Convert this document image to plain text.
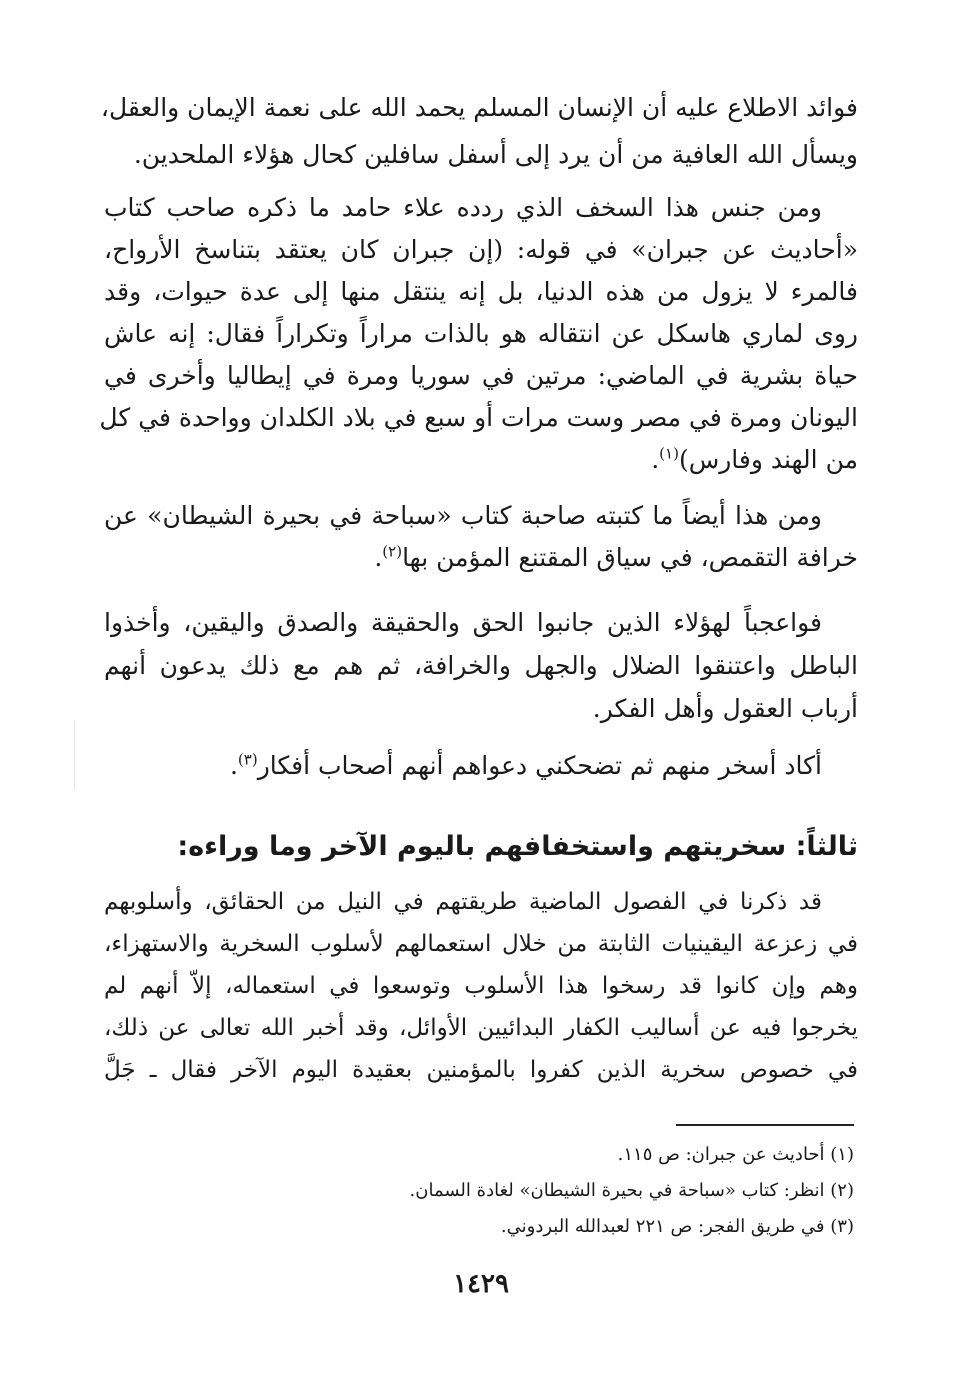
فوائد الاطلاع عليه أن الإنسان المسلم يحمد الله على نعمة الإيمان والعقل،
ويسأل الله العافية من أن يرد إلى أسفل سافلين كحال هؤلاء الملحدين.
ومن جنس هذا السخف الذي ردده علاء حامد ما ذكره صاحب كتاب
«أحاديث عن جبران» في قوله: (إن جبران كان يعتقد بتناسخ الأرواح،
فالمرء لا يزول من هذه الدنيا، بل إنه ينتقل منها إلى عدة حيوات، وقد
روى لماري هاسكل عن انتقاله هو بالذات مراراً وتكراراً فقال: إنه عاش
حياة بشرية في الماضي: مرتين في سوريا ومرة في إيطاليا وأخرى في
اليونان ومرة في مصر وست مرات أو سبع في بلاد الكلدان وواحدة في كل
من الهند وفارس)$^{(١)}$.
ومن هذا أيضاً ما كتبته صاحبة كتاب «سباحة في بحيرة الشيطان» عن
خرافة التقمص، في سياق المقتنع المؤمن بها$^{(٢)}$.
فواعجباً لهؤلاء الذين جانبوا الحق والحقيقة والصدق واليقين، وأخذوا
الباطل واعتنقوا الضلال والجهل والخرافة، ثم هم مع ذلك يدعون أنهم
أرباب العقول وأهل الفكر.
أكاد أسخر منهم ثم تضحكني دعواهم أنهم أصحاب أفكار$^{(٣)}$.
ثالثاً: سخريتهم واستخفافهم باليوم الآخر وما وراءه:
قد ذكرنا في الفصول الماضية طريقتهم في النيل من الحقائق، وأسلوبهم
في زعزعة اليقينيات الثابتة من خلال استعمالهم لأسلوب السخرية والاستهزاء،
وهم وإن كانوا قد رسخوا هذا الأسلوب وتوسعوا في استعماله، إلاّ أنهم لم
يخرجوا فيه عن أساليب الكفار البدائيين الأوائل، وقد أخبر الله تعالى عن ذلك،
في خصوص سخرية الذين كفروا بالمؤمنين بعقيدة اليوم الآخر فقال ـ جَلَّ
(١) أحاديث عن جبران: ص ١١٥.
(٢) انظر: كتاب «سباحة في بحيرة الشيطان» لغادة السمان.
(٣) في طريق الفجر: ص ٢٢١ لعبدالله البردوني.
١٤٢٩
